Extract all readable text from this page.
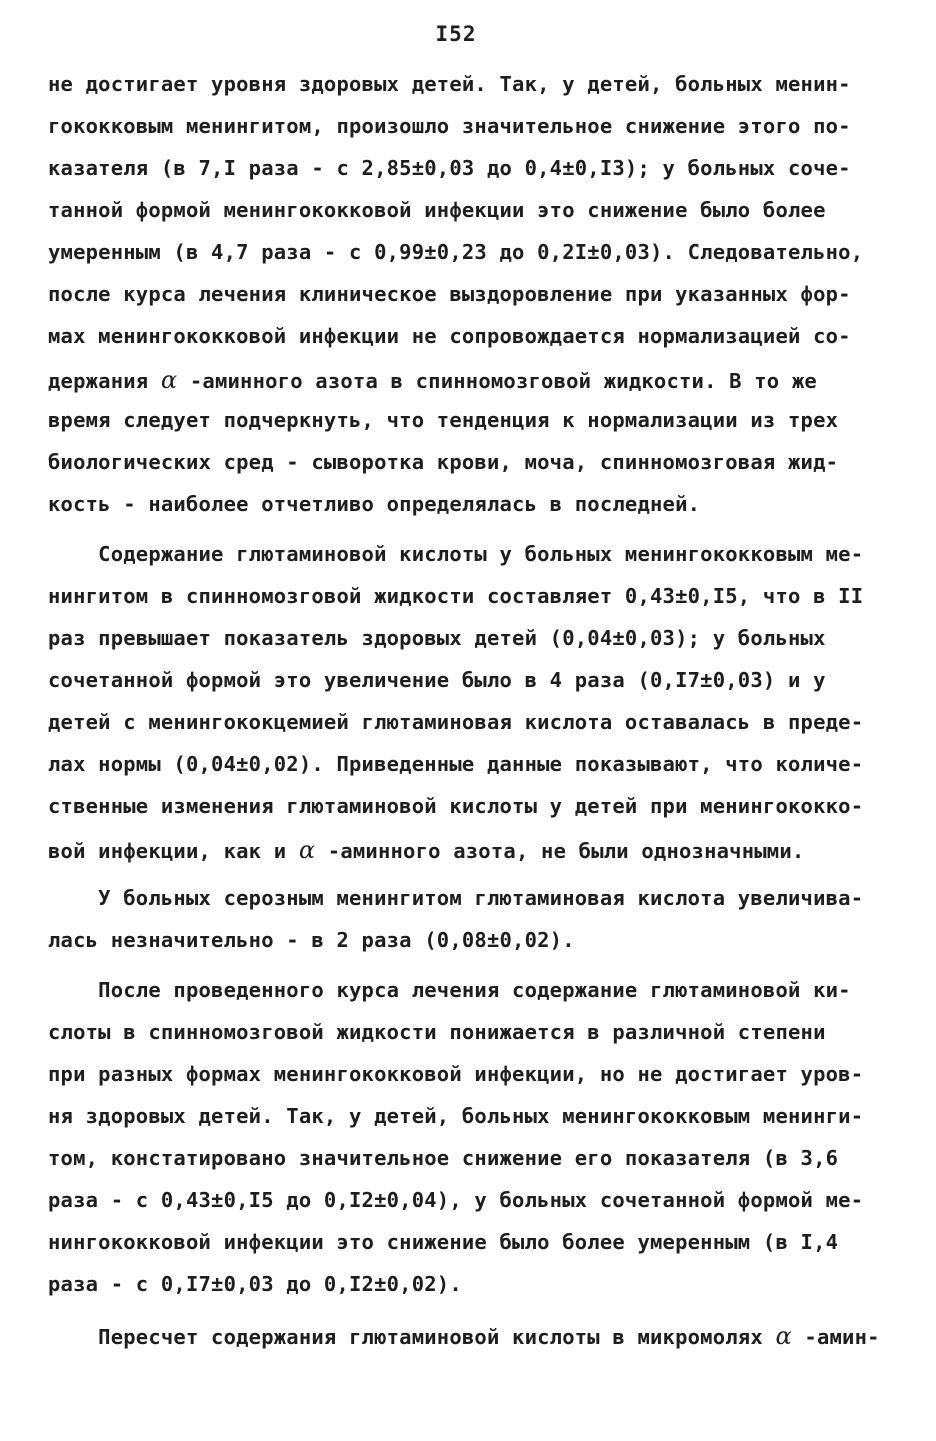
I52
не достигает уровня здоровых детей. Так, у детей, больных менин-
гококковым менингитом, произошло значительное снижение этого по-
казателя (в 7,I раза - с 2,85±0,03 до 0,4±0,I3); у больных соче-
танной формой менингококковой инфекции это снижение было более
умеренным (в 4,7 раза - с 0,99±0,23 до 0,2I±0,03). Следовательно,
после курса лечения клиническое выздоровление при указанных фор-
мах менингококковой инфекции не сопровождается нормализацией со-
держания α -аминного азота в спинномозговой жидкости. В то же
время следует подчеркнуть, что тенденция к нормализации из трех
биологических сред - сыворотка крови, моча, спинномозговая жид-
кость - наиболее отчетливо определялась в последней.
Содержание глютаминовой кислоты у больных менингококковым ме-
нингитом в спинномозговой жидкости составляет 0,43±0,I5, что в II
раз превышает показатель здоровых детей (0,04±0,03); у больных
сочетанной формой это увеличение было в 4 раза (0,I7±0,03) и у
детей с менингококцемией глютаминовая кислота оставалась в преде-
лах нормы (0,04±0,02). Приведенные данные показывают, что количе-
ственные изменения глютаминовой кислоты у детей при менингококко-
вой инфекции, как и α -аминного азота, не были однозначными.
У больных серозным менингитом глютаминовая кислота увеличива-
лась незначительно - в 2 раза (0,08±0,02).
После проведенного курса лечения содержание глютаминовой ки-
слоты в спинномозговой жидкости понижается в различной степени
при разных формах менингококковой инфекции, но не достигает уров-
ня здоровых детей. Так, у детей, больных менингококковым менинги-
том, констатировано значительное снижение его показателя (в 3,6
раза - с 0,43±0,I5 до 0,I2±0,04), у больных сочетанной формой ме-
нингококковой инфекции это снижение было более умеренным (в I,4
раза - с 0,I7±0,03 до 0,I2±0,02).
Пересчет содержания глютаминовой кислоты в микромолях α -амин-
